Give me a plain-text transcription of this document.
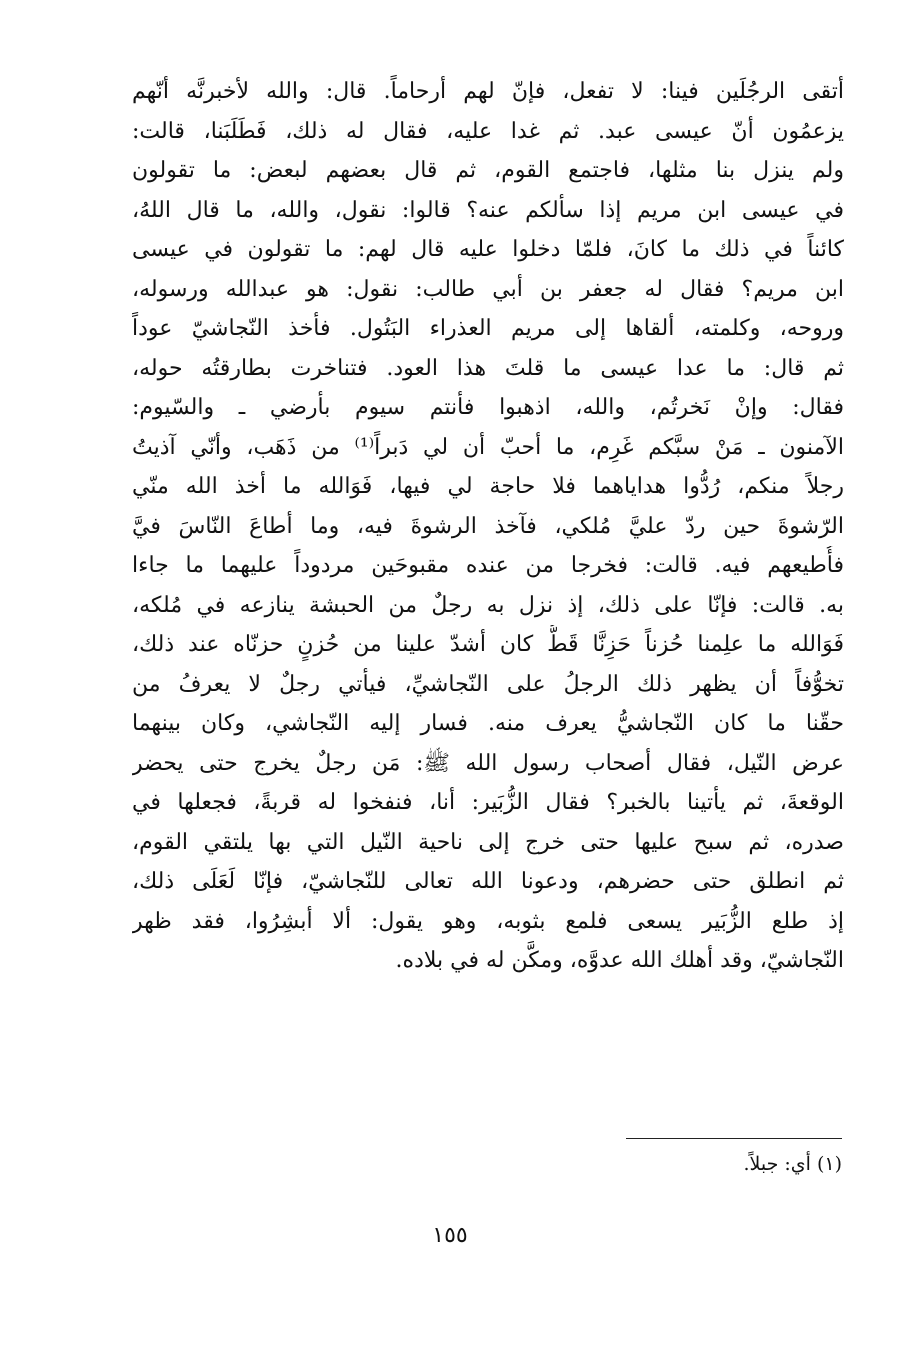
أتقى الرجُلَين فينا: لا تفعل، فإنّ لهم أرحاماً. قال: والله لأخبرنَّه أنّهم
يزعمُون أنّ عيسى عبد. ثم غدا عليه، فقال له ذلك، فَطَلَبَنا، قالت:
ولم ينزل بنا مثلها، فاجتمع القوم، ثم قال بعضهم لبعض: ما تقولون
في عيسى ابن مريم إذا سألكم عنه؟ قالوا: نقول، والله، ما قال اللهُ،
كائناً في ذلك ما كانَ، فلمّا دخلوا عليه قال لهم: ما تقولون في عيسى
ابن مريم؟ فقال له جعفر بن أبي طالب: نقول: هو عبدالله ورسوله،
وروحه، وكلمته، ألقاها إلى مريم العذراء البَتُول. فأخذ النّجاشيّ عوداً
ثم قال: ما عدا عيسى ما قلتَ هذا العود. فتناخرت بطارقتُه حوله،
فقال: وإنْ نَخرتُم، والله، اذهبوا فأنتم سيوم بأرضي ـ والسّيوم:
الآمنون ـ مَنْ سبَّكم غَرِم، ما أحبّ أن لي دَبراً⁽¹⁾ من ذَهَب، وأنّي آذيتُ
رجلاً منكم، رُدُّوا هداياهما فلا حاجة لي فيها، فَوَالله ما أخذ الله منّي
الرّشوةَ حين ردّ عليَّ مُلكي، فآخذ الرشوةَ فيه، وما أطاعَ النّاسَ فيَّ
فأُطيعهم فيه. قالت: فخرجا من عنده مقبوحَين مردوداً عليهما ما جاءا
به. قالت: فإنّا على ذلك، إذ نزل به رجلٌ من الحبشة ينازعه في مُلكه،
فَوَالله ما علِمنا حُزناً حَزِنَّا قَطُّ كان أشدّ علينا من حُزنٍ حزنّاه عند ذلك،
تخوُّفاً أن يظهر ذلك الرجلُ على النّجاشيِّ، فيأتي رجلٌ لا يعرفُ من
حقّنا ما كان النّجاشيُّ يعرف منه. فسار إليه النّجاشي، وكان بينهما
عرض النّيل، فقال أصحاب رسول الله ﷺ: مَن رجلٌ يخرج حتى يحضر
الوقعةَ، ثم يأتينا بالخبر؟ فقال الزُّبَير: أنا، فنفخوا له قربةً، فجعلها في
صدره، ثم سبح عليها حتى خرج إلى ناحية النّيل التي بها يلتقي القوم،
ثم انطلق حتى حضرهم، ودعونا الله تعالى للنّجاشيّ، فإنّا لَعَلَى ذلك،
إذ طلع الزُّبَير يسعى فلمع بثوبه، وهو يقول: ألا أبشِرُوا، فقد ظهر
النّجاشيّ، وقد أهلك الله عدوَّه، ومكَّن له في بلاده.
(١) أي: جبلاً.
١٥٥
